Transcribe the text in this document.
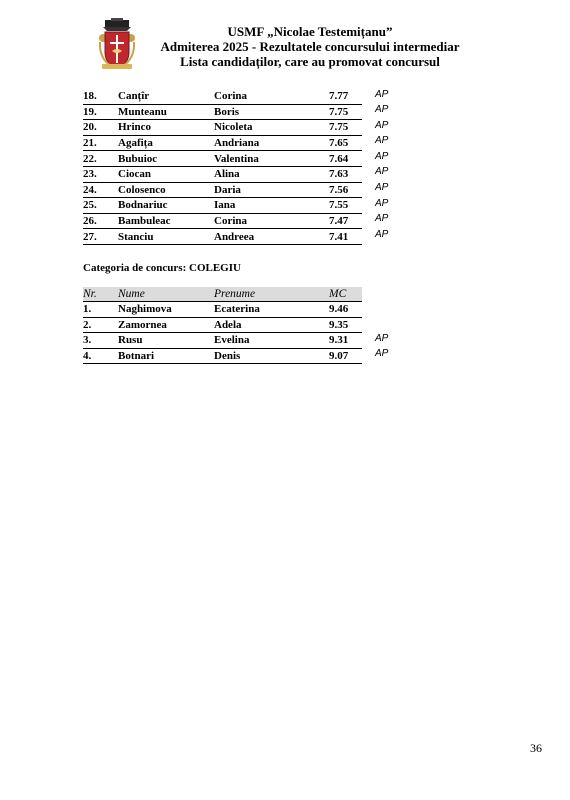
USMF „Nicolae Testemițanu”
Admiterea 2025 - Rezultatele concursului intermediar
Lista candidaților, care au promovat concursul
18.	Canțîr	Corina	7.77	AP
19.	Munteanu	Boris	7.75	AP
20.	Hrinco	Nicoleta	7.75	AP
21.	Agafița	Andriana	7.65	AP
22.	Bubuioc	Valentina	7.64	AP
23.	Ciocan	Alina	7.63	AP
24.	Colosenco	Daria	7.56	AP
25.	Bodnariuc	Iana	7.55	AP
26.	Bambuleac	Corina	7.47	AP
27.	Stanciu	Andreea	7.41	AP
Categoria de concurs: COLEGIU
Nr.	Nume	Prenume	MC	
1.	Naghimova	Ecaterina	9.46	
2.	Zamornea	Adela	9.35	
3.	Rusu	Evelina	9.31	AP
4.	Botnari	Denis	9.07	AP
36
